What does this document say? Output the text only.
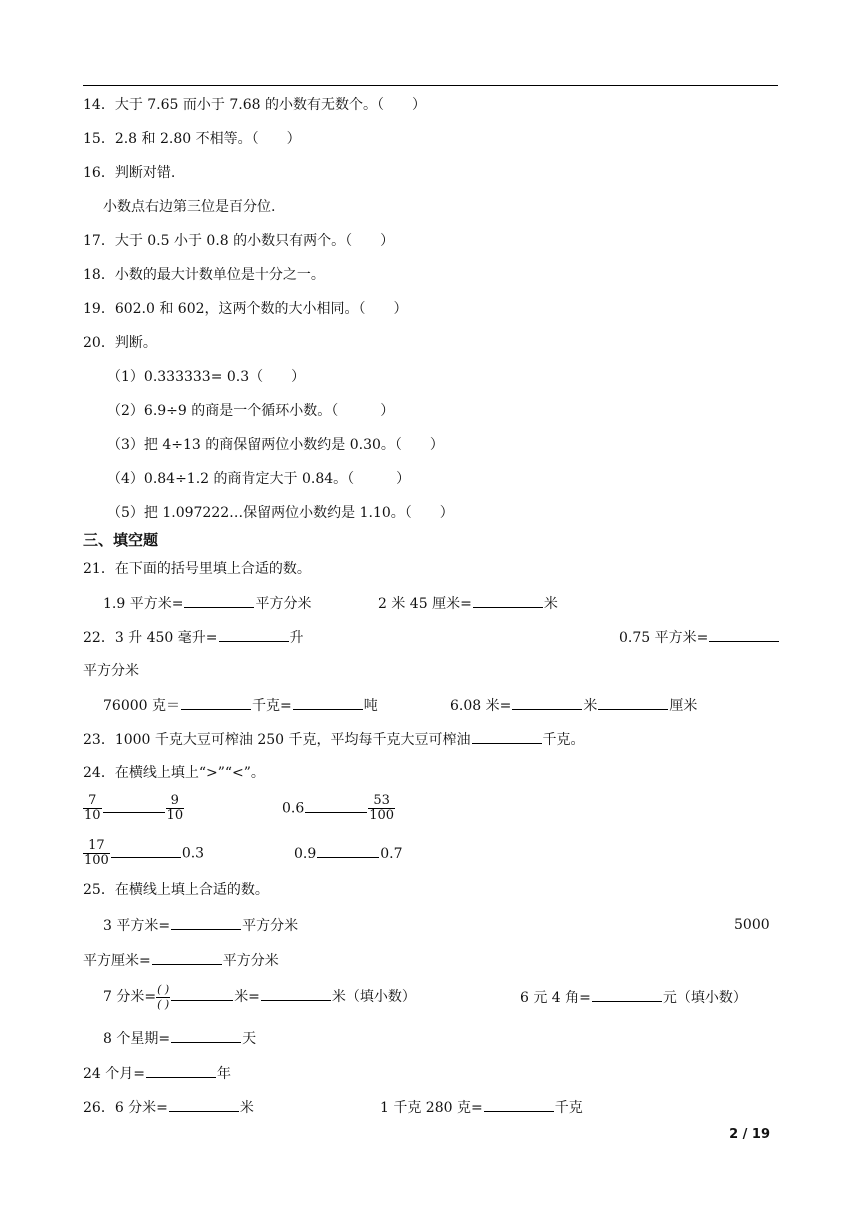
14．大于 7.65 而小于 7.68 的小数有无数个。（　　）
15．2.8 和 2.80 不相等。（　　）
16．判断对错.
小数点右边第三位是百分位.
17．大于 0.5 小于 0.8 的小数只有两个。（　　）
18．小数的最大计数单位是十分之一。
19．602.0 和 602，这两个数的大小相同。（　　）
20．判断。
（1）0.333333= 0.3（　　）
（2）6.9÷9 的商是一个循环小数。（　　　）
（3）把 4÷13 的商保留两位小数约是 0.30。（　　）
（4）0.84÷1.2 的商肯定大于 0.84。（　　　）
（5）把 1.097222…保留两位小数约是 1.10。（　　）
三、填空题
21．在下面的括号里填上合适的数。
1.9 平方米=	平方分米	2 米 45 厘米=	米
22．3 升 450 毫升=	升	0.75 平方米=
平方分米
76000 克＝	千克=	吨	6.08 米=	米	厘米
23．1000 千克大豆可榨油 250 千克，平均每千克大豆可榨油	千克。
24．在横线上填上“>”“<”。
$\frac{7}{10}$	$\frac{9}{10}$	0.6	$\frac{53}{100}$
$\frac{17}{100}$	0.3	0.9	0.7
25．在横线上填上合适的数。
3 平方米=	平方分米	5000
平方厘米=	平方分米
7 分米= $\frac{( )}{( )}$	米=	米（填小数）	6 元 4 角=	元（填小数）
8 个星期=	天
24 个月=	年
26．6 分米=	米	1 千克 280 克=	千克
2 / 19
